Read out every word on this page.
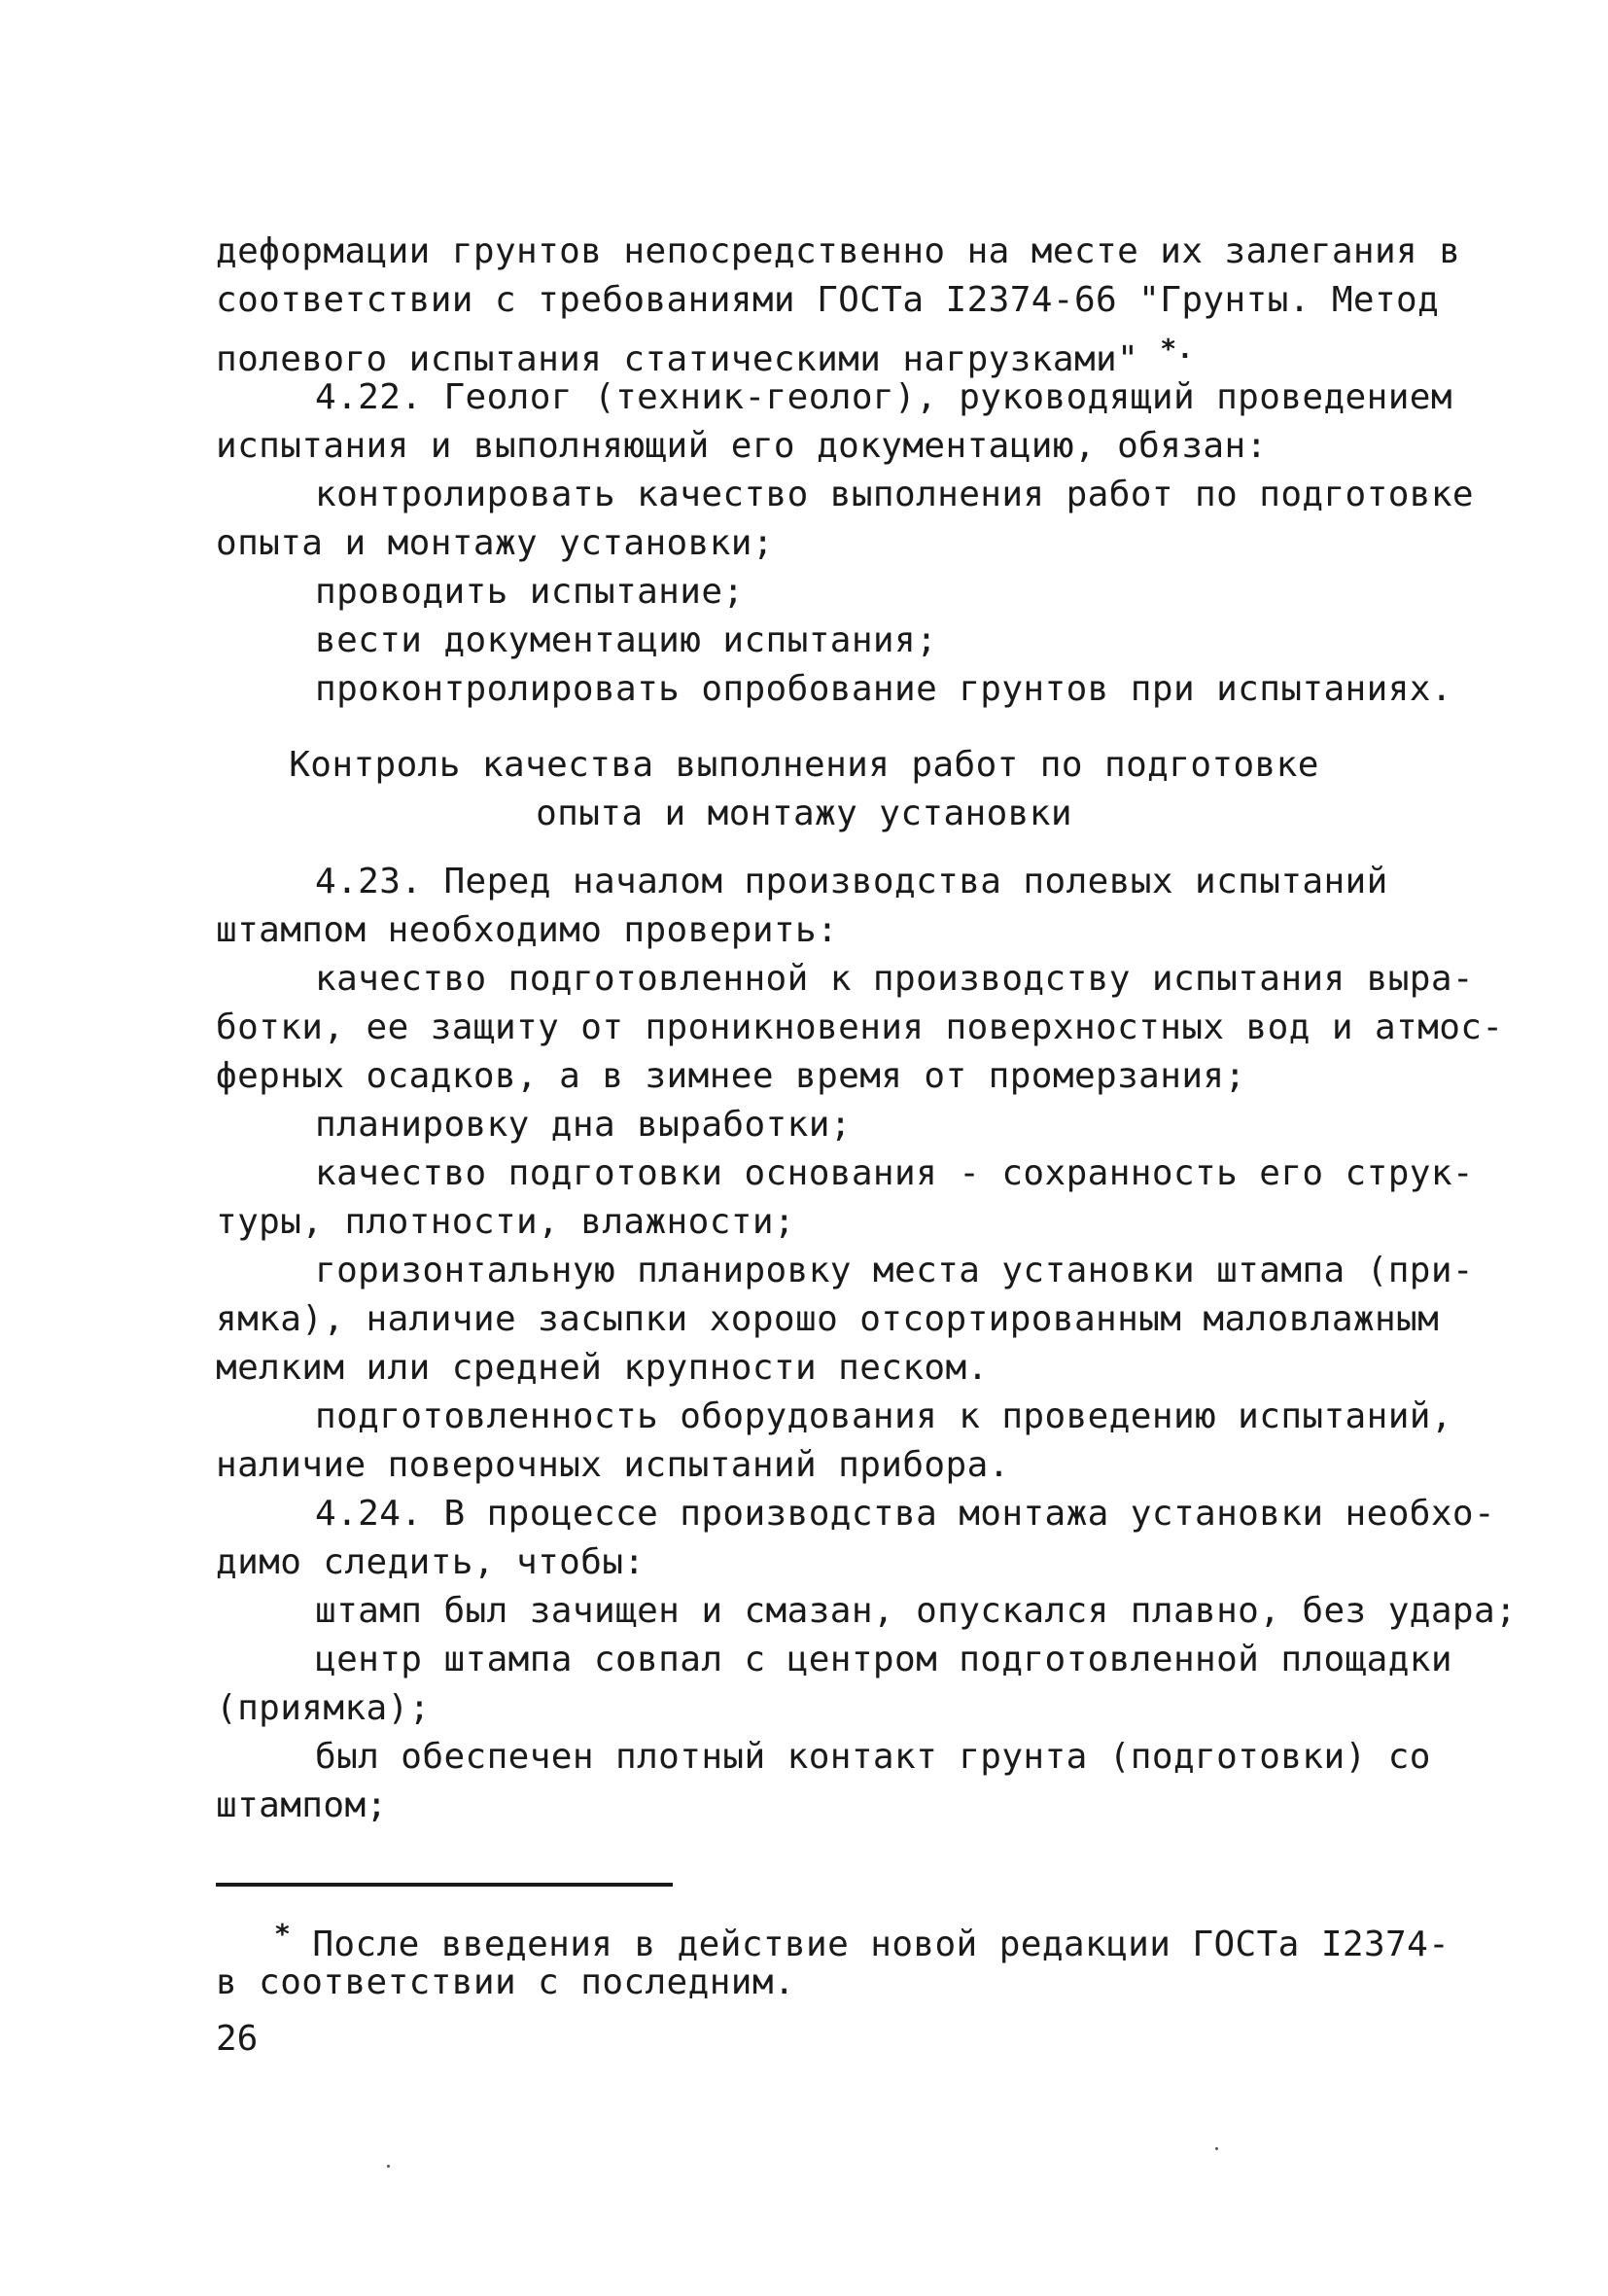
деформации грунтов непосредственно на месте их залегания в
соответствии с требованиями ГОСТа I2374-66 "Грунты. Метод
полевого испытания статическими нагрузками" *.
4.22. Геолог (техник-геолог), руководящий проведением
испытания и выполняющий его документацию, обязан:
контролировать качество выполнения работ по подготовке
опыта и монтажу установки;
проводить испытание;
вести документацию испытания;
проконтролировать опробование грунтов при испытаниях.
Контроль качества выполнения работ по подготовке
опыта и монтажу установки
4.23. Перед началом производства полевых испытаний
штампом необходимо проверить:
качество подготовленной к производству испытания выра-
ботки, ее защиту от проникновения поверхностных вод и атмос-
ферных осадков, а в зимнее время от промерзания;
планировку дна выработки;
качество подготовки основания - сохранность его струк-
туры, плотности, влажности;
горизонтальную планировку места установки штампа (при-
ямка), наличие засыпки хорошо отсортированным маловлажным
мелким или средней крупности песком.
подготовленность оборудования к проведению испытаний,
наличие поверочных испытаний прибора.
4.24. В процессе производства монтажа установки необхо-
димо следить, чтобы:
штамп был зачищен и смазан, опускался плавно, без удара;
центр штампа совпал с центром подготовленной площадки
(приямка);
был обеспечен плотный контакт грунта (подготовки) со
штампом;
* После введения в действие новой редакции ГОСТа I2374-
в соответствии с последним.
26
